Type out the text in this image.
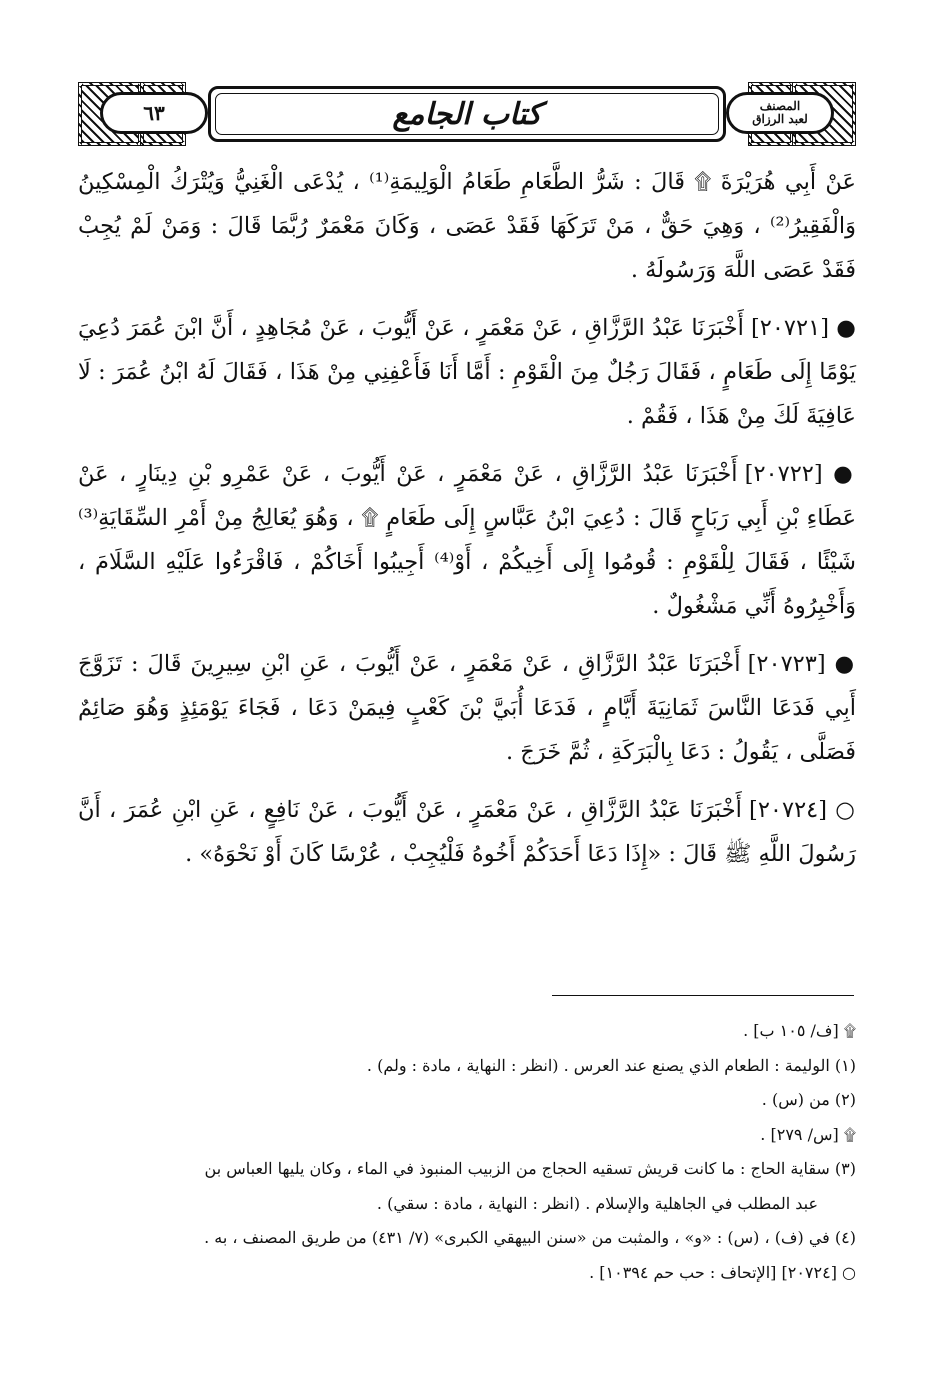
كتاب الجامع
٦٣	المصنف
لعبد الرزاق

عَنْ أَبِي هُرَيْرَةَ ۩ قَالَ : شَرُّ الطَّعَامِ طَعَامُ الْوَلِيمَةِ⁽¹⁾ ، يُدْعَى الْغَنِيُّ وَيُتْرَكُ الْمِسْكِينُ وَالْفَقِيرُ⁽²⁾ ، وَهِيَ حَقٌّ ، مَنْ تَرَكَهَا فَقَدْ عَصَى ، وَكَانَ مَعْمَرٌ رُبَّمَا قَالَ : وَمَنْ لَمْ يُجِبْ فَقَدْ عَصَى اللَّهَ وَرَسُولَهُ .

● [٢٠٧٢١] أَخْبَرَنَا عَبْدُ الرَّزَّاقِ ، عَنْ مَعْمَرٍ ، عَنْ أَيُّوبَ ، عَنْ مُجَاهِدٍ ، أَنَّ ابْنَ عُمَرَ دُعِيَ يَوْمًا إِلَى طَعَامٍ ، فَقَالَ رَجُلٌ مِنَ الْقَوْمِ : أَمَّا أَنَا فَأَعْفِنِي مِنْ هَذَا ، فَقَالَ لَهُ ابْنُ عُمَرَ : لَا عَافِيَةَ لَكَ مِنْ هَذَا ، فَقُمْ .

● [٢٠٧٢٢] أَخْبَرَنَا عَبْدُ الرَّزَّاقِ ، عَنْ مَعْمَرٍ ، عَنْ أَيُّوبَ ، عَنْ عَمْرِو بْنِ دِينَارٍ ، عَنْ عَطَاءِ بْنِ أَبِي رَبَاحٍ قَالَ : دُعِيَ ابْنُ عَبَّاسٍ إِلَى طَعَامٍ ۩ ، وَهُوَ يُعَالِجُ مِنْ أَمْرِ السِّقَايَةِ⁽³⁾ شَيْئًا ، فَقَالَ لِلْقَوْمِ : قُومُوا إِلَى أَخِيكُمْ ، أَوْ⁽⁴⁾ أَجِيبُوا أَخَاكُمْ ، فَاقْرَءُوا عَلَيْهِ السَّلَامَ ، وَأَخْبِرُوهُ أَنِّي مَشْغُولٌ .

● [٢٠٧٢٣] أَخْبَرَنَا عَبْدُ الرَّزَّاقِ ، عَنْ مَعْمَرٍ ، عَنْ أَيُّوبَ ، عَنِ ابْنِ سِيرِينَ قَالَ : تَزَوَّجَ أَبِي فَدَعَا النَّاسَ ثَمَانِيَةَ أَيَّامٍ ، فَدَعَا أُبَيَّ بْنَ كَعْبٍ فِيمَنْ دَعَا ، فَجَاءَ يَوْمَئِذٍ وَهُوَ صَائِمٌ فَصَلَّى ، يَقُولُ : دَعَا بِالْبَرَكَةِ ، ثُمَّ خَرَجَ .

○ [٢٠٧٢٤] أَخْبَرَنَا عَبْدُ الرَّزَّاقِ ، عَنْ مَعْمَرٍ ، عَنْ أَيُّوبَ ، عَنْ نَافِعٍ ، عَنِ ابْنِ عُمَرَ ، أَنَّ رَسُولَ اللَّهِ ﷺ قَالَ : «إِذَا دَعَا أَحَدَكُمْ أَخُوهُ فَلْيُجِبْ ، عُرْسًا كَانَ أَوْ نَحْوَهُ» .

۩ [ف/ ١٠٥ ب] .

(١) الوليمة : الطعام الذي يصنع عند العرس . (انظر : النهاية ، مادة : ولم) .

(٢) من (س) .

۩ [س/ ٢٧٩] .

(٣) سقاية الحاج : ما كانت قريش تسقيه الحجاج من الزبيب المنبوذ في الماء ، وكان يليها العباس بن

عبد المطلب في الجاهلية والإسلام . (انظر : النهاية ، مادة : سقي) .

(٤) في (ف) ، (س) : «و» ، والمثبت من «سنن البيهقي الكبرى» (٧/ ٤٣١) من طريق المصنف ، به .

○ [٢٠٧٢٤] [الإتحاف : حب حم ١٠٣٩٤] .
